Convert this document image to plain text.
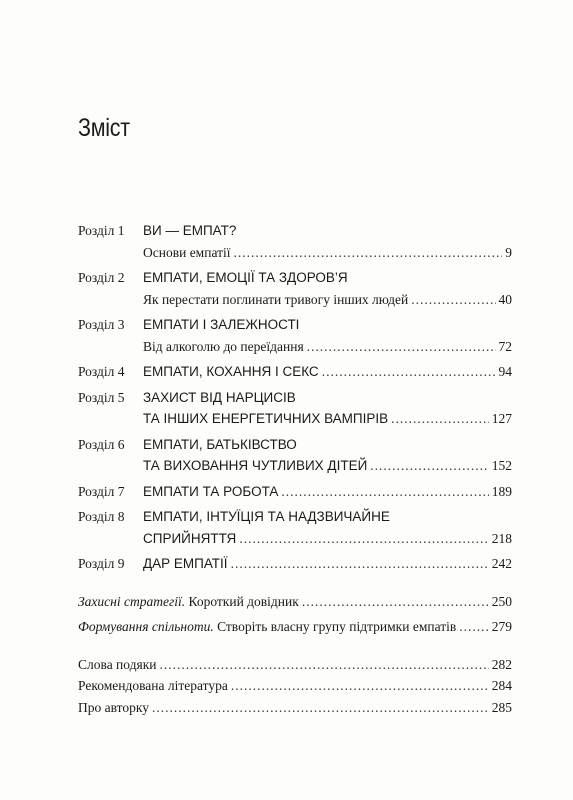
Зміст
Розділ 1	ВИ — ЕМПАТ?
Основи емпатії .....	9
Розділ 2	ЕМПАТИ, ЕМОЦІЇ ТА ЗДОРОВ’Я
Як перестати поглинати тривогу інших людей .....	40
Розділ 3	ЕМПАТИ І ЗАЛЕЖНОСТІ
Від алкоголю до переїдання .....	72
Розділ 4	ЕМПАТИ, КОХАННЯ І СЕКС .....	94
Розділ 5	ЗАХИСТ ВІД НАРЦИСІВ
ТА ІНШИХ ЕНЕРГЕТИЧНИХ ВАМПІРІВ .....	127
Розділ 6	ЕМПАТИ, БАТЬКІВСТВО
ТА ВИХОВАННЯ ЧУТЛИВИХ ДІТЕЙ .....	152
Розділ 7	ЕМПАТИ ТА РОБОТА .....	189
Розділ 8	ЕМПАТИ, ІНТУЇЦІЯ ТА НАДЗВИЧАЙНЕ
СПРИЙНЯТТЯ .....	218
Розділ 9	ДАР ЕМПАТІЇ .....	242
Захисні стратегії. Короткий довідник .....	250
Формування спільноти. Створіть власну групу підтримки емпатів .....	279
Слова подяки .....	282
Рекомендована література .....	284
Про авторку .....	285
